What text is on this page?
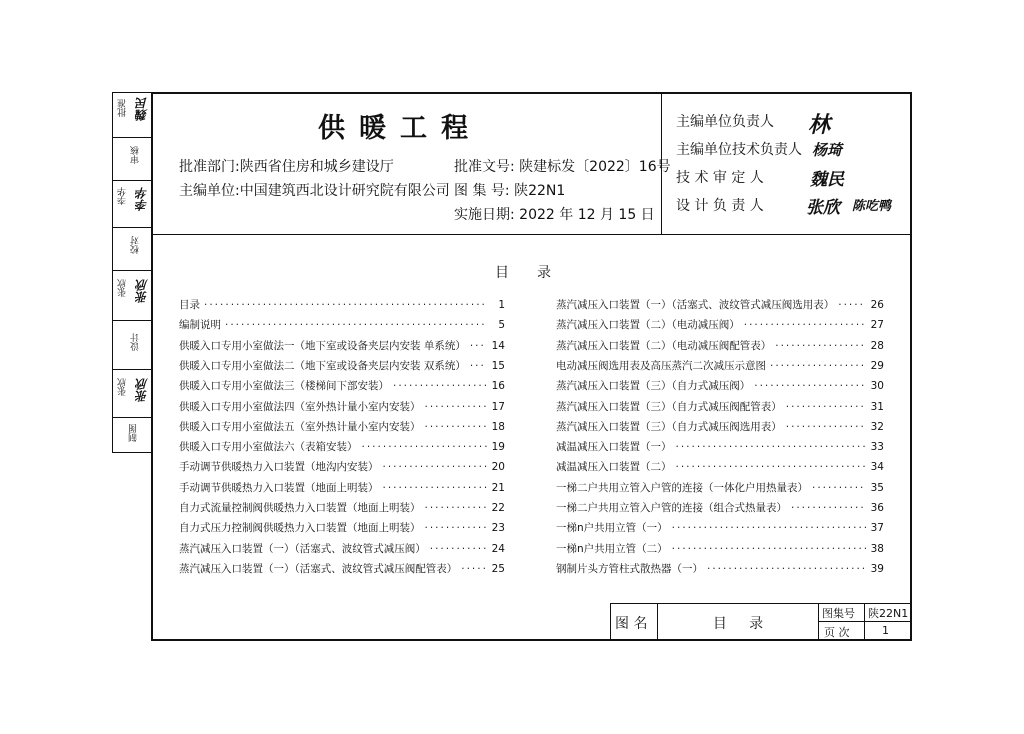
批准 魏民
审核
李华 李华
校对
张欣 张欣
设计
张欣 张欣
制图
供暖工程
批准部门:陕西省住房和城乡建设厅
主编单位:中国建筑西北设计研究院有限公司
批准文号: 陕建标发〔2022〕16号
图 集 号: 陕22N1
实施日期: 2022 年 12 月 15 日
主编单位负责人 林
主编单位技术负责人 杨琦
技 术 审 定 人	魏民
设 计 负 责 人 张欣 陈吃鸭
目录
目录 ·····	1
编制说明 ·····	5
供暖入口专用小室做法一（地下室或设备夹层内安装 单系统） ····· 14
供暖入口专用小室做法二（地下室或设备夹层内安装 双系统） ····· 15
供暖入口专用小室做法三（楼梯间下部安装） ·····	16
供暖入口专用小室做法四（室外热计量小室内安装） ·····	17
供暖入口专用小室做法五（室外热计量小室内安装） ·····	18
供暖入口专用小室做法六（表箱安装） ·····	19
手动调节供暖热力入口装置（地沟内安装） ·····	20
手动调节供暖热力入口装置（地面上明装） ·····	21
自力式流量控制阀供暖热力入口装置（地面上明装） ·····	22
自力式压力控制阀供暖热力入口装置（地面上明装） ·····	23
蒸汽减压入口装置（一）（活塞式、波纹管式减压阀） ·····	24
蒸汽减压入口装置（一）（活塞式、波纹管式减压阀配管表） ·····	25
蒸汽减压入口装置（一）（活塞式、波纹管式减压阀选用表） ·····	26
蒸汽减压入口装置（二）（电动减压阀） ·····	27
蒸汽减压入口装置（二）（电动减压阀配管表） ·····	28
电动减压阀选用表及高压蒸汽二次减压示意图 ·····	29
蒸汽减压入口装置（三）（自力式减压阀） ·····	30
蒸汽减压入口装置（三）（自力式减压阀配管表） ·····	31
蒸汽减压入口装置（三）（自力式减压阀选用表） ·····	32
减温减压入口装置（一） ·····	33
减温减压入口装置（二） ·····	34
一梯二户共用立管入户管的连接（一体化户用热量表） ·····	35
一梯二户共用立管入户管的连接（组合式热量表） ·····	36
一梯n户共用立管（一） ·····	37
一梯n户共用立管（二） ·····	38
钢制片头方管柱式散热器（一） ·····	39
图 名	目     录
图集号 陕22N1
页 次	1
